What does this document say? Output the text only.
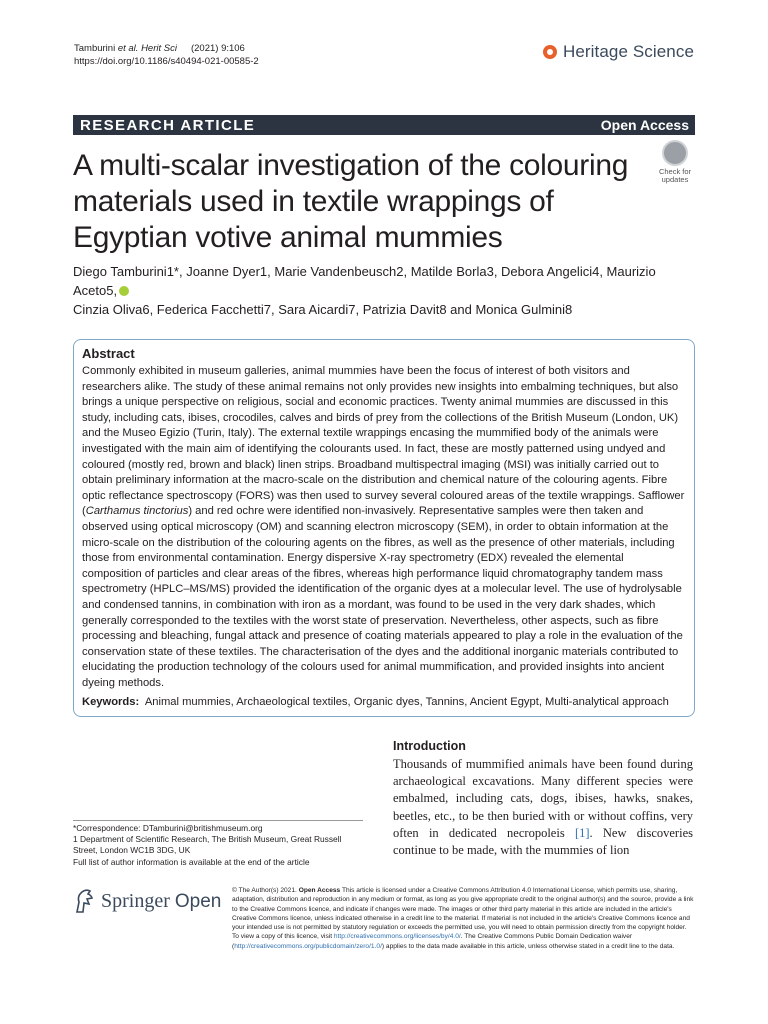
Tamburini et al. Herit Sci (2021) 9:106
https://doi.org/10.1186/s40494-021-00585-2
Heritage Science
RESEARCH ARTICLE	Open Access
A multi-scalar investigation of the colouring materials used in textile wrappings of Egyptian votive animal mummies
Check for updates
Diego Tamburini1*, Joanne Dyer1, Marie Vandenbeusch2, Matilde Borla3, Debora Angelici4, Maurizio Aceto5,
Cinzia Oliva6, Federica Facchetti7, Sara Aicardi7, Patrizia Davit8 and Monica Gulmini8
Abstract

Commonly exhibited in museum galleries, animal mummies have been the focus of interest of both visitors and researchers alike. The study of these animal remains not only provides new insights into embalming techniques, but also brings a unique perspective on religious, social and economic practices. Twenty animal mummies are discussed in this study, including cats, ibises, crocodiles, calves and birds of prey from the collections of the British Museum (London, UK) and the Museo Egizio (Turin, Italy). The external textile wrappings encasing the mummified body of the animals were investigated with the main aim of identifying the colourants used. In fact, these are mostly patterned using undyed and coloured (mostly red, brown and black) linen strips. Broadband multispectral imaging (MSI) was initially carried out to obtain preliminary information at the macro-scale on the distribution and chemical nature of the colouring agents. Fibre optic reflectance spectroscopy (FORS) was then used to survey several coloured areas of the textile wrappings. Safflower (Carthamus tinctorius) and red ochre were identified non-invasively. Representative samples were then taken and observed using optical microscopy (OM) and scanning electron microscopy (SEM), in order to obtain information at the micro-scale on the distribution of the colouring agents on the fibres, as well as the presence of other materials, including those from environmental contamination. Energy dispersive X-ray spectrometry (EDX) revealed the elemental composition of particles and clear areas of the fibres, whereas high performance liquid chromatography tandem mass spectrometry (HPLC–MS/MS) provided the identification of the organic dyes at a molecular level. The use of hydrolysable and condensed tannins, in combination with iron as a mordant, was found to be used in the very dark shades, which generally corresponded to the textiles with the worst state of preservation. Nevertheless, other aspects, such as fibre processing and bleaching, fungal attack and presence of coating materials appeared to play a role in the evaluation of the conservation state of these textiles. The characterisation of the dyes and the additional inorganic materials contributed to elucidating the production technology of the colours used for animal mummification, and provided insights into ancient dyeing methods.

Keywords: Animal mummies, Archaeological textiles, Organic dyes, Tannins, Ancient Egypt, Multi-analytical approach
Introduction

Thousands of mummified animals have been found during archaeological excavations. Many different species were embalmed, including cats, dogs, ibises, hawks, snakes, beetles, etc., to be then buried with or without coffins, very often in dedicated necropoleis [1]. New discoveries continue to be made, with the mummies of lion

*Correspondence: DTamburini@britishmuseum.org
1 Department of Scientific Research, The British Museum, Great Russell Street, London WC1B 3DG, UK
Full list of author information is available at the end of the article
Springer Open © The Author(s) 2021. Open Access This article is licensed under a Creative Commons Attribution 4.0 International License, which permits use, sharing, adaptation, distribution and reproduction in any medium or format, as long as you give appropriate credit to the original author(s) and the source, provide a link to the Creative Commons licence, and indicate if changes were made. The images or other third party material in this article are included in the article's Creative Commons licence, unless indicated otherwise in a credit line to the material. If material is not included in the article's Creative Commons licence and your intended use is not permitted by statutory regulation or exceeds the permitted use, you will need to obtain permission directly from the copyright holder. To view a copy of this licence, visit http://creativecommons.org/licenses/by/4.0/. The Creative Commons Public Domain Dedication waiver (http://creativecommons.org/publicdomain/zero/1.0/) applies to the data made available in this article, unless otherwise stated in a credit line to the data.
